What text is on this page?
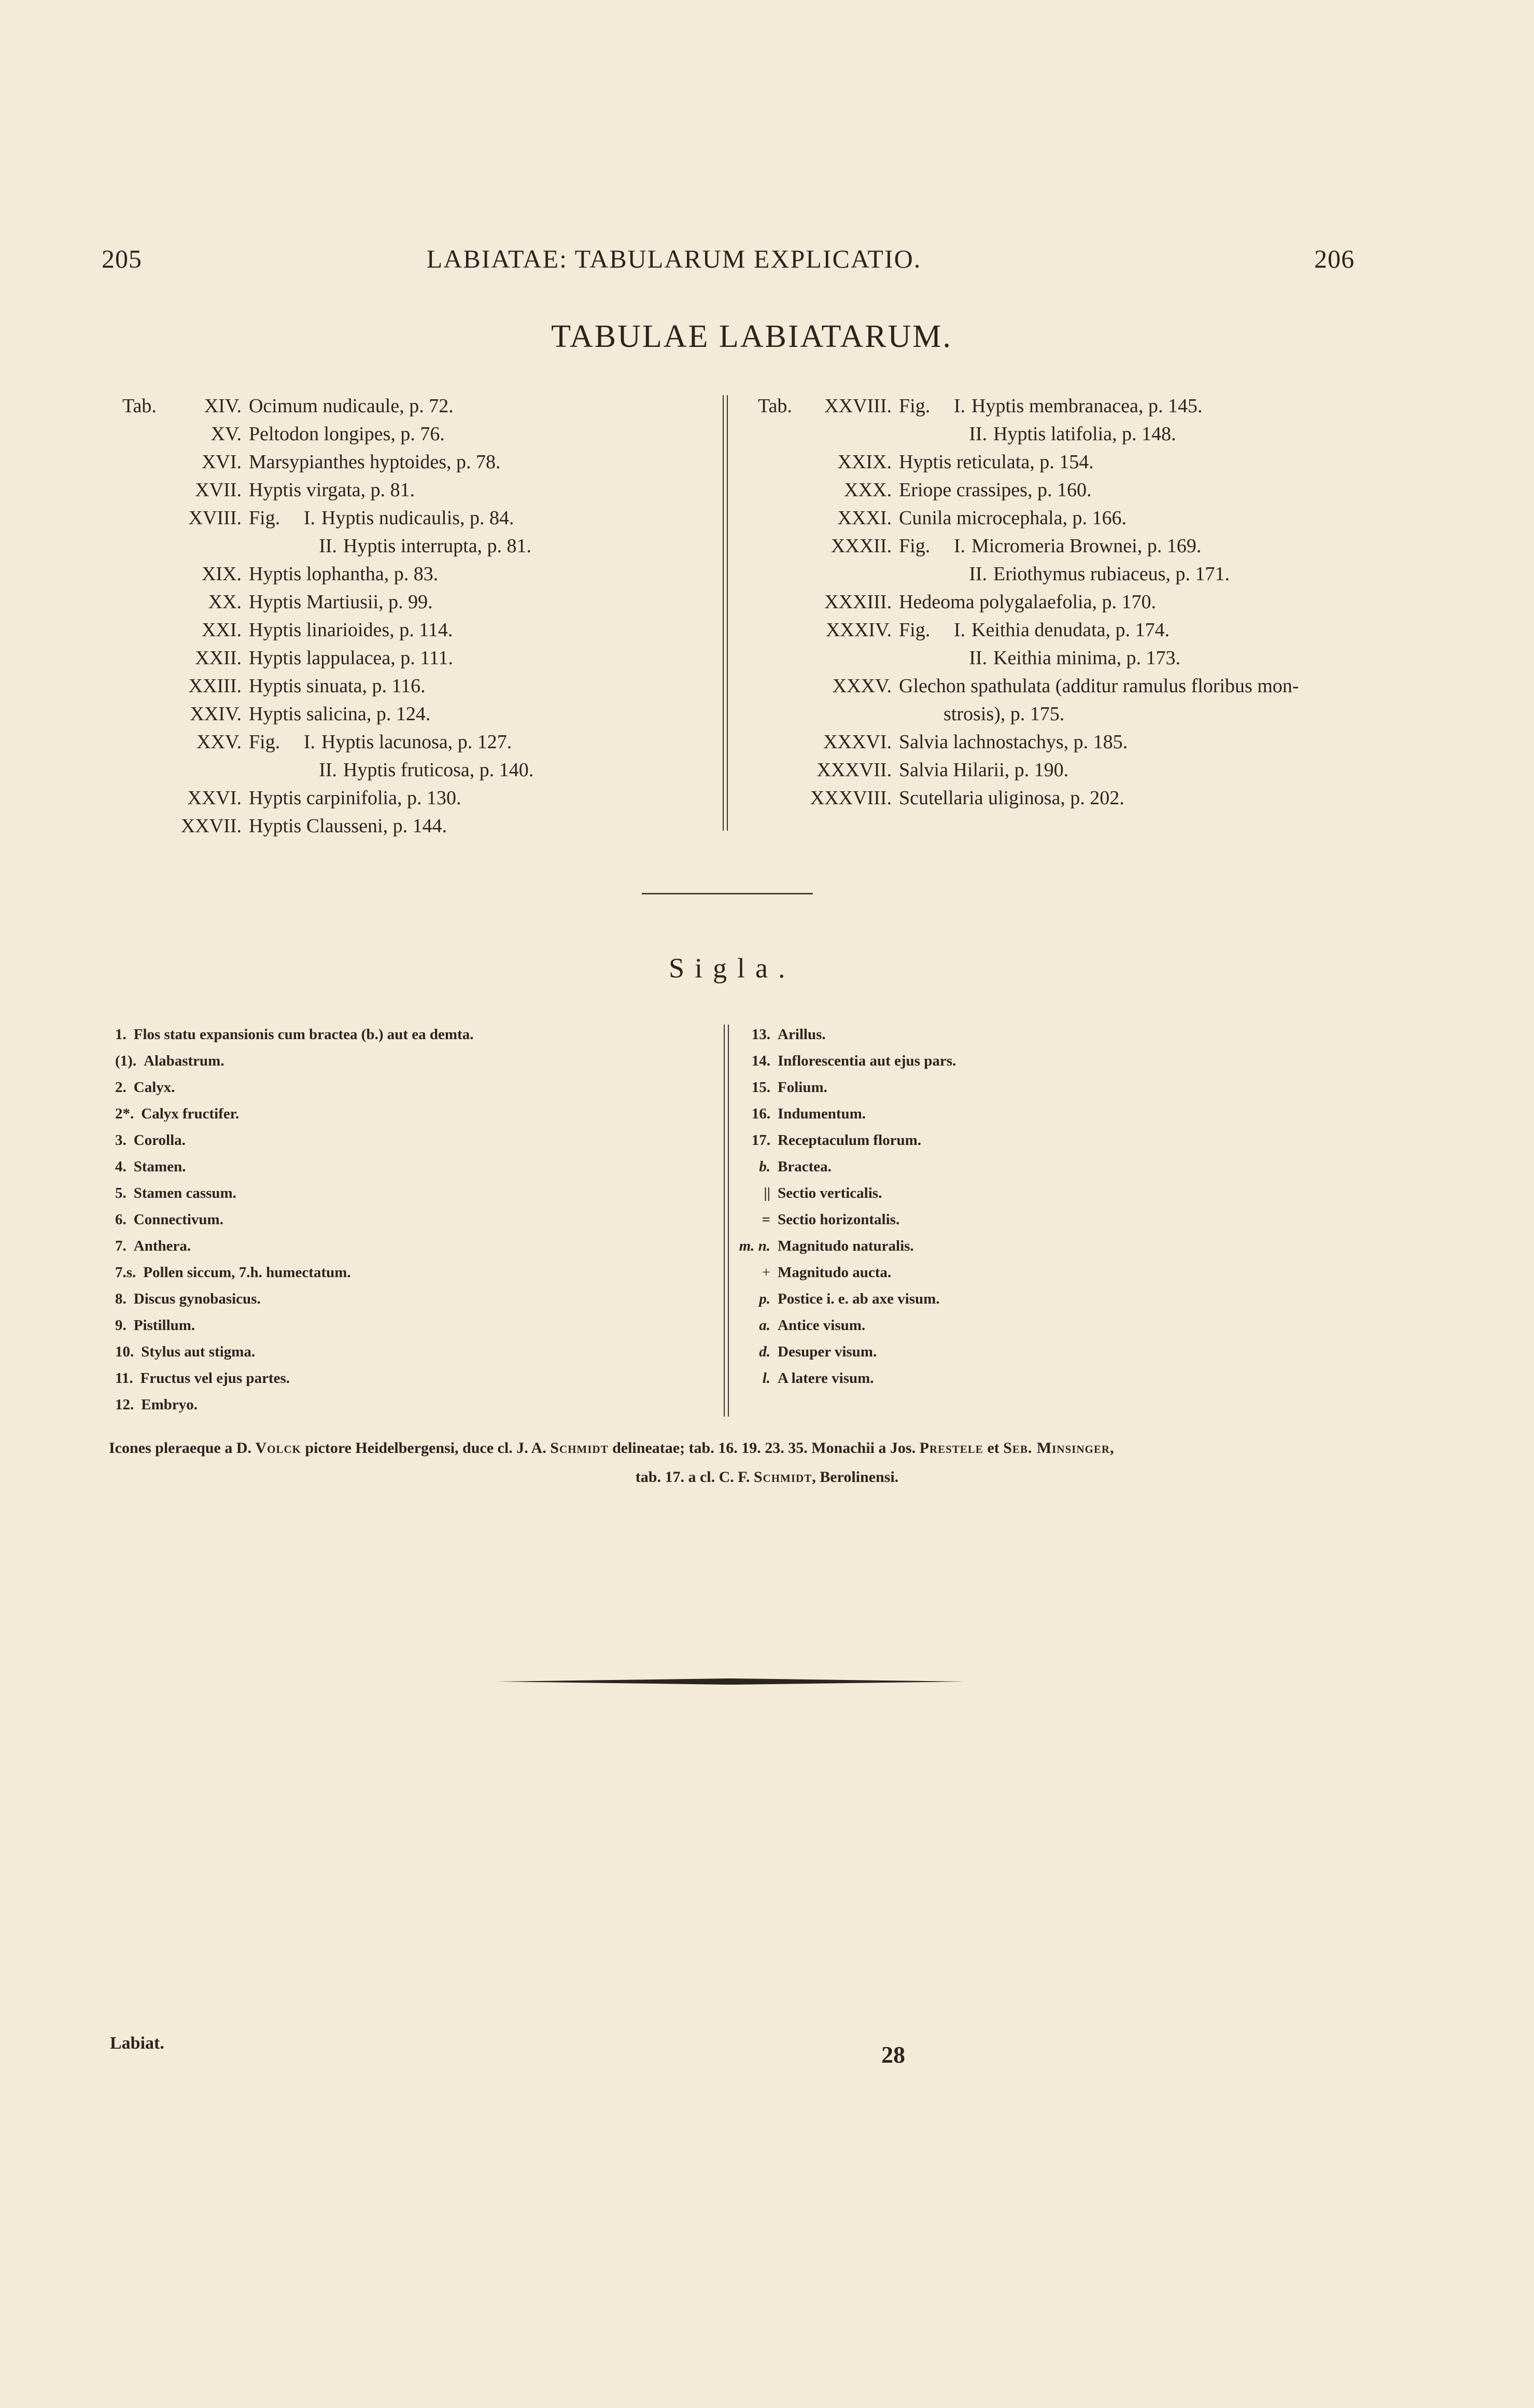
205	LABIATAE: TABULARUM EXPLICATIO.	206
TABULAE LABIATARUM.
Tab.	XIV. Ocimum nudicaule, p. 72.
XV. Peltodon longipes, p. 76.
XVI. Marsypianthes hyptoides, p. 78.
XVII. Hyptis virgata, p. 81.
XVIII. Fig.	I. Hyptis nudicaulis, p. 84.
II. Hyptis interrupta, p. 81.
XIX. Hyptis lophantha, p. 83.
XX. Hyptis Martiusii, p. 99.
XXI. Hyptis linarioides, p. 114.
XXII. Hyptis lappulacea, p. 111.
XXIII. Hyptis sinuata, p. 116.
XXIV. Hyptis salicina, p. 124.
XXV. Fig.	I. Hyptis lacunosa, p. 127.
II. Hyptis fruticosa, p. 140.
XXVI. Hyptis carpinifolia, p. 130.
XXVII. Hyptis Clausseni, p. 144.
Tab.	XXVIII. Fig.	I. Hyptis membranacea, p. 145.
II. Hyptis latifolia, p. 148.
XXIX. Hyptis reticulata, p. 154.
XXX. Eriope crassipes, p. 160.
XXXI. Cunila microcephala, p. 166.
XXXII. Fig.	I. Micromeria Brownei, p. 169.
II. Eriothymus rubiaceus, p. 171.
XXXIII. Hedeoma polygalaefolia, p. 170.
XXXIV. Fig.	I. Keithia denudata, p. 174.
II. Keithia minima, p. 173.
XXXV. Glechon spathulata (additur ramulus floribus mon-
strosis), p. 175.
XXXVI. Salvia lachnostachys, p. 185.
XXXVII. Salvia Hilarii, p. 190.
XXXVIII. Scutellaria uliginosa, p. 202.
Sigla.
1. Flos statu expansionis cum bractea (b.) aut ea demta.
(1). Alabastrum.
2. Calyx.
2*. Calyx fructifer.
3. Corolla.
4. Stamen.
5. Stamen cassum.
6. Connectivum.
7. Anthera.
7.s. Pollen siccum, 7.h. humectatum.
8. Discus gynobasicus.
9. Pistillum.
10. Stylus aut stigma.
11. Fructus vel ejus partes.
12. Embryo.
13. Arillus.
14. Inflorescentia aut ejus pars.
15. Folium.
16. Indumentum.
17. Receptaculum florum.
b. Bractea.
|| Sectio verticalis.
= Sectio horizontalis.
m. n. Magnitudo naturalis.
+ Magnitudo aucta.
p. Postice i. e. ab axe visum.
a. Antice visum.
d. Desuper visum.
l. A latere visum.
Icones pleraeque a D. Volck pictore Heidelbergensi, duce cl. J. A. Schmidt delineatae; tab. 16. 19. 23. 35. Monachii a Jos. Prestele et Seb. Minsinger,
tab. 17. a cl. C. F. Schmidt, Berolinensi.
Labiat.	28
